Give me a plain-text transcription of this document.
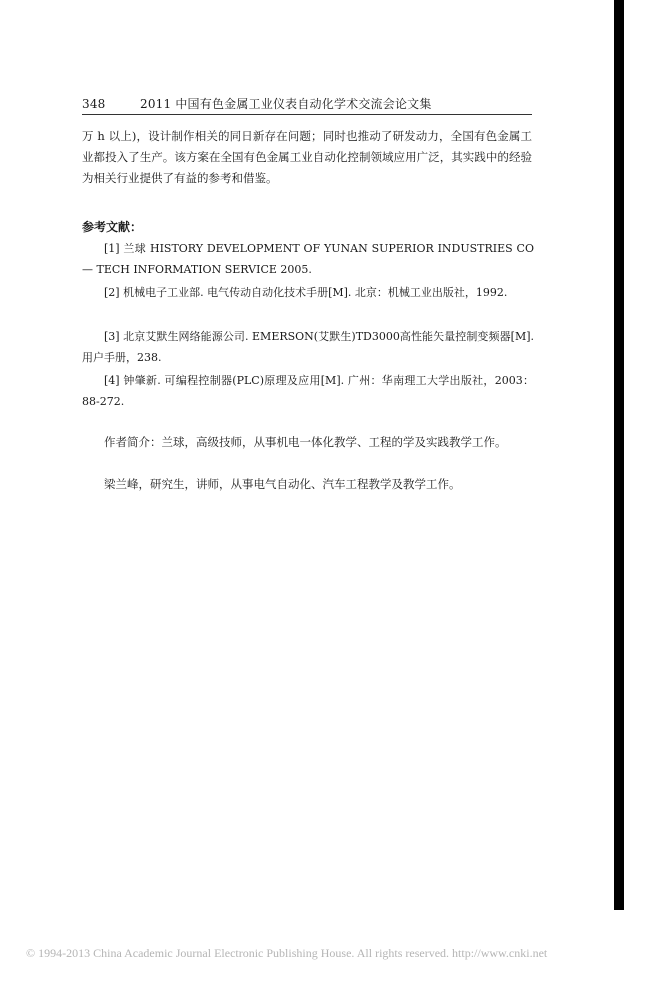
348	2011 中国有色金属工业仪表自动化学术交流会论文集
万 h 以上)，设计制作相关的同日新存在问题；同时也推动了研发动力，全国有色金属工业都投入了生产。该方案在全国有色金属工业自动化控制领域应用广泛，其实践中的经验为相关行业提供了有益的参考和借鉴。
参考文献：
[1] 兰球 HISTORY DEVELOPMENT OF YUNAN SUPERIOR INDUSTRIES CO — TECH INFORMATION SERVICE 2005.
[2] 机械电子工业部. 电气传动自动化技术手册[M]. 北京：机械工业出版社，1992.
[3] 北京艾默生网络能源公司. EMERSON(艾默生)TD3000高性能矢量控制变频器[M]. 用户手册，238.
[4] 钟肇新. 可编程控制器(PLC)原理及应用[M]. 广州：华南理工大学出版社，2003：88-272.
作者简介：兰球，高级技师，从事机电一体化教学、工程的学及实践教学工作。
梁兰峰，研究生，讲师，从事电气自动化、汽车工程教学及教学工作。
© 1994-2013 China Academic Journal Electronic Publishing House. All rights reserved. http://www.cnki.net
